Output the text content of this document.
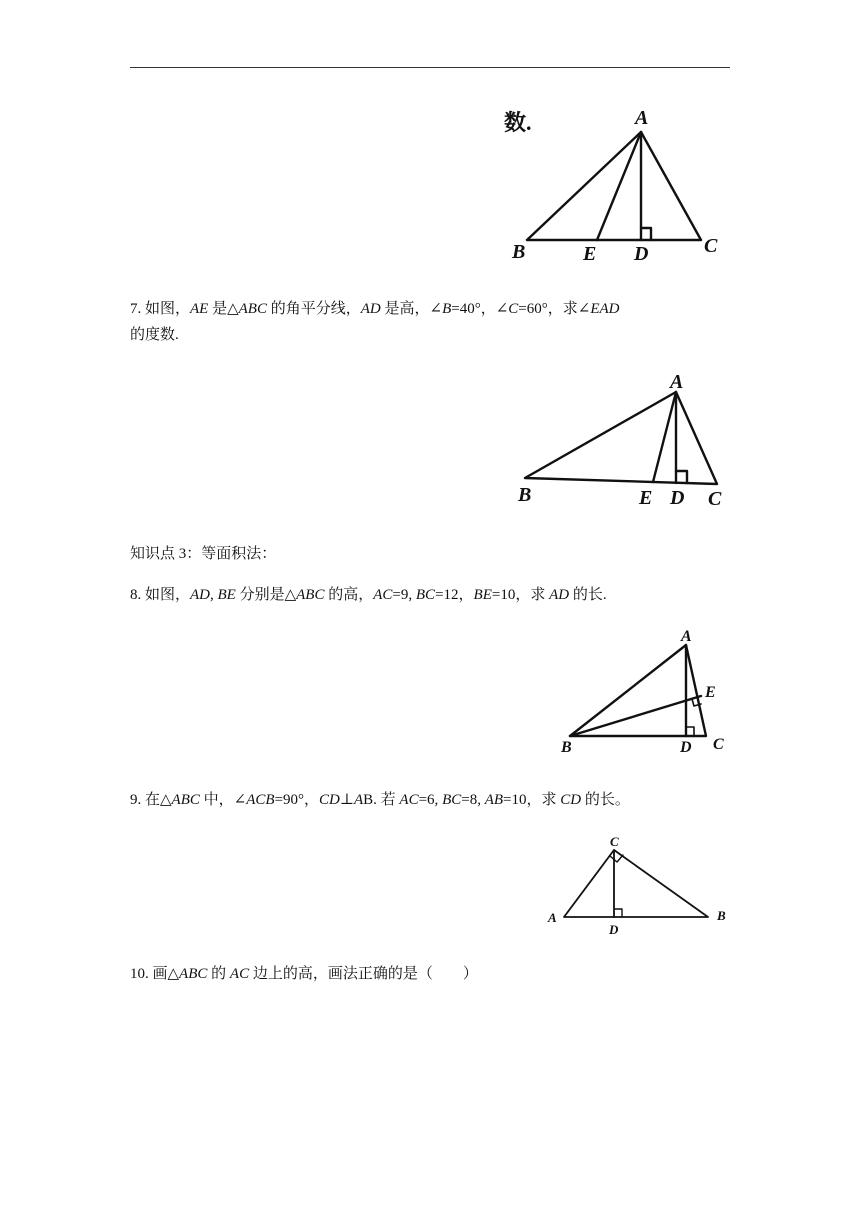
数.	A
B	E D	C
7. 如图，AE 是△ABC 的角平分线，AD 是高，∠B=40°，∠C=60°，求∠EAD
的度数.
A
B	E D C
知识点 3：等面积法：
8. 如图，AD, BE 分别是△ABC 的高，AC=9, BC=12，BE=10，求 AD 的长.
A
E
B	D C
9. 在△ABC 中，∠ACB=90°，CD⊥AB. 若 AC=6, BC=8, AB=10，求 CD 的长。
C
A
D
B
10. 画△ABC 的 AC 边上的高，画法正确的是（　　）
